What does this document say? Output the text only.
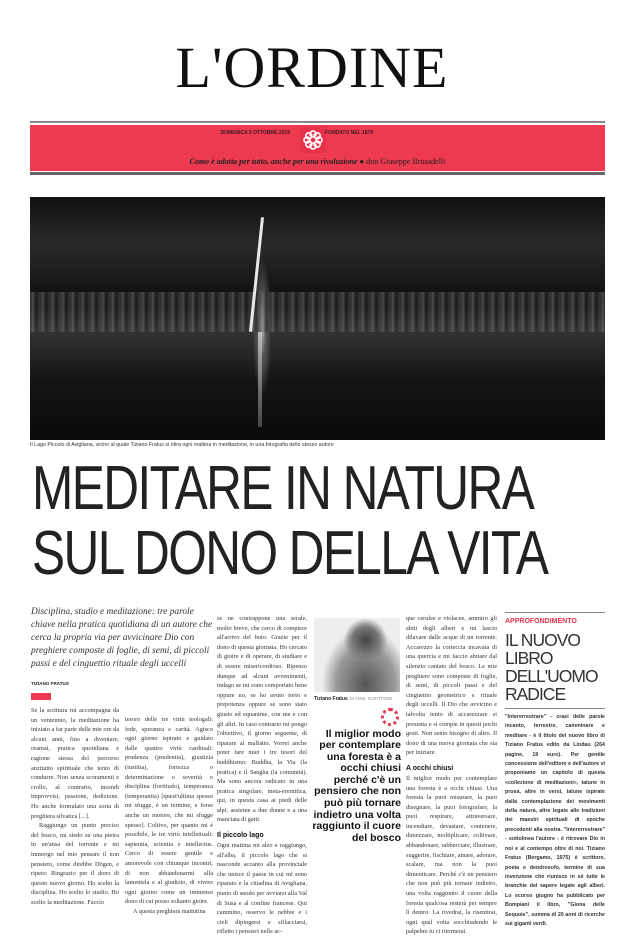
L'ORDINE
DOMENICA 6 OTTOBRE 2019	FONDATO NEL 1879
Como è adatta per tutto, anche per una rivoluzione ● don Giuseppe Brusadelli
Il Lago Piccolo di Avigliana, vicino al quale Tiziano Fratus si ritira ogni mattina in meditazione, in una fotografia dello stesso autore
MEDITARE IN NATURA
SUL DONO DELLA VITA
Disciplina, studio e meditazione: tre parole chiave nella pratica quotidiana di un autore che cerca la propria via per avvicinare Dio con preghiere composte di foglie, di semi, di piccoli passi e del cinguettio rituale degli uccelli
TIZIANO FRATUS

Se la scrittura mi accompagna da un ventennio, la meditazione ha iniziato a far parte delle mie ore da alcuni anni, fino a diventare, oramai, pratica quotidiana e ragione stessa del percorso anzitutto spirituale che tento di condurre. Non senza scoramenti e crollo, al contrario, incendi improvvisi, passione, dedizione. Ho anche formulato una sorta di preghiera silvatica [...].

Raggiungo un punto preciso del bosco, mi siedo su una pietra in un'ansa del torrente e mi immergo nel mio pensare il non pensiero, come direbbe Dōgen, e ripeto: Ringrazio per il dono di questo nuovo giorno. Ho scelto la disciplina. Ho scelto lo studio. Ho scelto la meditazione. Faccio

tesoro delle tre virtù teologali: fede, speranza e carità. Agisco ogni giorno ispirato e guidato dalle quattro virtù cardinali: prudenza (prudentia), giustizia (iustitia), fortezza o determinazione o severità o disciplina (fortitudo), temperanza (temperantia) [quest'ultima spesso mi sfugge, è un termine, e forse anche un motore, che mi sfugge spesso]. Coltivo, per quanto mi è possibile, le tre virtù intellettuali: sapientia, scientia e intellectus. Cerco di essere gentile e amorevole con chiunque incontri, di non abbandonarmi alla lamentela e al giudizio, di vivere ogni giorno come un immenso dono di cui posso soltanto gioire.

A questa preghiera mattutina

se ne contrappone una serale, molto breve, che cerco di compiere all'arrivo del buio: Grazie per il dono di questa giornata. Ho cercato di gioire e di operare, di studiare e di essere misericordioso. Ripenso dunque ad alcuni avvenimenti, indago se mi sono comportato bene oppure no, se ho avuto torto e prepotenza oppure se sono stato giusto ed equanime, con me e con gli altri. In caso contrario mi pongo l'obiettivo, il giorno seguente, di riparare al malfatto. Vorrei anche poter fare miei i tre tesori del buddhismo: Buddha, la Via (la pratica) e il Sangha (la comunità). Ma sono ancora radicato in una pratica singolare, meta-eremitica, qui, in questa casa ai piedi delle alpi, assieme a due donne e a una manciata di gatti.

Il piccolo lago

Ogni mattina mi alzo e raggiungo, all'alba, il piccolo lago che si nasconde accanto alla provinciale che unisce il paese in cui mi sono riparato e la cittadina di Avigliana, punto di snodo per avviarsi alla Val di Susa e al confine francese. Qui cammino, osservo le nebbie e i cieli dipingersi e sfilacciarsi, rifletto i pensieri nelle ac-

Tiziano Fratus 44 ANNI, SCRITTORE
Il miglior modo per contemplare una foresta è a occhi chiusi perché c'è un pensiero che non può più tornare indietro una volta raggiunto il cuore del bosco

que cerulee e violacee, ammiro gli abiti degli alberi e mi lascio dilavare dalle acque di un torrente. Accarezzo la corteccia incavata di una quercia e mi faccio abitare dal silenzio cantato del bosco. Le mie preghiere sono composte di foglie, di semi, di piccoli passi e del cinguettio geometrico e rituale degli uccelli. Il Dio che avvicino e talvolta tento di accarezzare si presenta e si compie in questi pochi gesti. Non sento bisogno di altro. Il dono di una nuova giornata che sta per iniziare.

A occhi chiusi

Il miglior modo per contemplare una foresta è a occhi chiusi. Una foresta la puoi misurare, la puoi disegnare, la puoi fotografare, la puoi respirare, attraversare, incendiare, devastare, contenere, dimezzare, moltiplicare, coltivare, abbandonare, rabberciare, illustrare, suggerire, fischiare, amare, adorare, scalare, ma non la puoi dimenticare. Perché c'è un pensiero che non può più tornare indietro, una volta raggiunto il cuore della foresta qualcosa resterà per sempre lì dentro. La rivedrai, la risentirai, ogni qual volta socchiudendo le palpebre tu ci ritornerai.

APPROFONDIMENTO
IL NUOVO LIBRO DELL'UOMO RADICE
"Intererrestrare" - crasi delle parole incanto, terrestre, camminare e meditare - è il titolo del nuovo libro di Tiziano Fratus edito da Lindau (264 pagine, 19 euro). Per gentile concessione dell'editore e dell'autore vi proponiamo un capitolo di questa «collezione di meditazioni», talune in prosa, altre in versi, talune ispirate dalla contemplazione dei movimenti della natura, altre legate alle tradizioni dei maestri spirituali di epoche precedenti alla nostra. "Intererrestrare" - sottolinea l'autore - è ritrovare Dio in noi e al contempo oltre di noi. Tiziano Fratus (Bergamo, 1975) è scrittore, poeta e dendrosofo, termine di sua invenzione che riunisce in sé tutte le branchie del sapere legate agli alberi. Lo scorso giugno ha pubblicato per Bompiani il libro, "Giona delle Sequoie", summa di 20 anni di ricerche sui giganti verdi.
